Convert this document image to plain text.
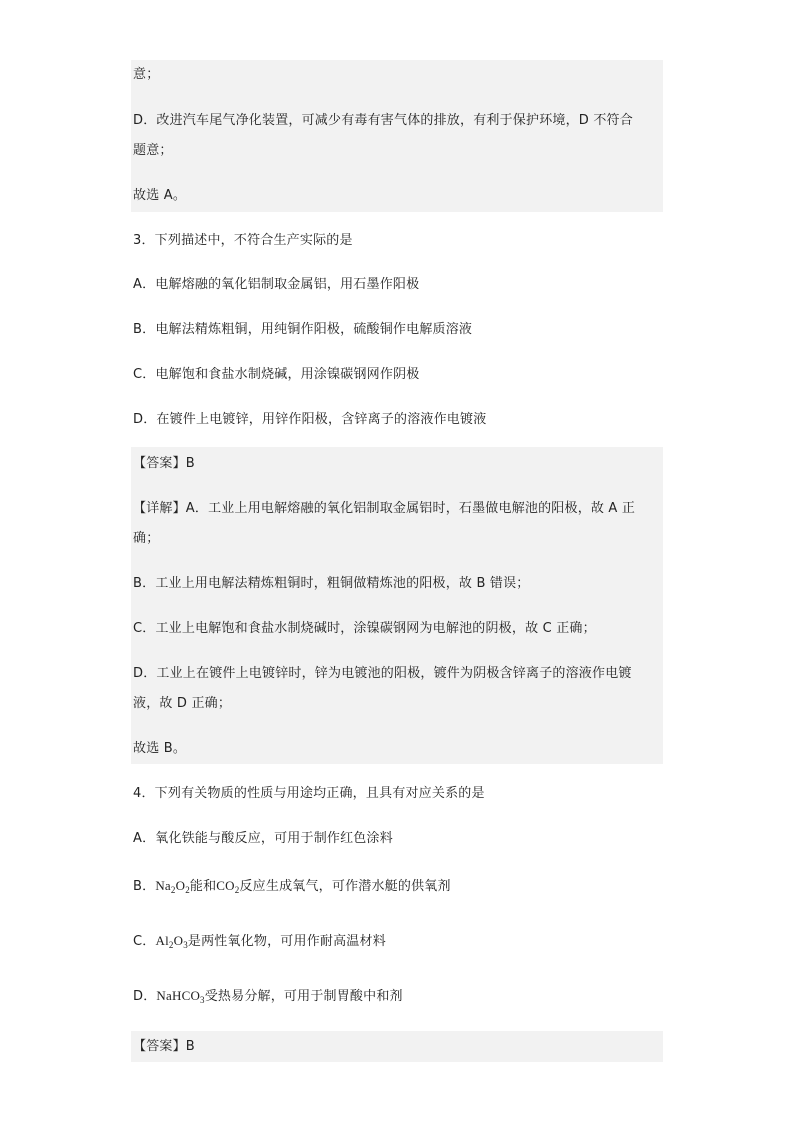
意；
D．改进汽车尾气净化装置，可减少有毒有害气体的排放，有利于保护环境，D 不符合
题意；
故选 A。
3．下列描述中，不符合生产实际的是
A．电解熔融的氧化铝制取金属铝，用石墨作阳极
B．电解法精炼粗铜，用纯铜作阳极，硫酸铜作电解质溶液
C．电解饱和食盐水制烧碱，用涂镍碳钢网作阴极
D．在镀件上电镀锌，用锌作阳极，含锌离子的溶液作电镀液
【答案】B
【详解】A．工业上用电解熔融的氧化铝制取金属铝时，石墨做电解池的阳极，故 A 正
确；
B．工业上用电解法精炼粗铜时，粗铜做精炼池的阳极，故 B 错误；
C．工业上电解饱和食盐水制烧碱时，涂镍碳钢网为电解池的阴极，故 C 正确；
D．工业上在镀件上电镀锌时，锌为电镀池的阳极，镀件为阴极含锌离子的溶液作电镀
液，故 D 正确；
故选 B。
4．下列有关物质的性质与用途均正确，且具有对应关系的是
A．氧化铁能与酸反应，可用于制作红色涂料
B．$Na_2O_2$能和$CO_2$反应生成氧气，可作潜水艇的供氧剂
C．$Al_2O_3$是两性氧化物，可用作耐高温材料
D．NaHCO$_3$受热易分解，可用于制胃酸中和剂
【答案】B
